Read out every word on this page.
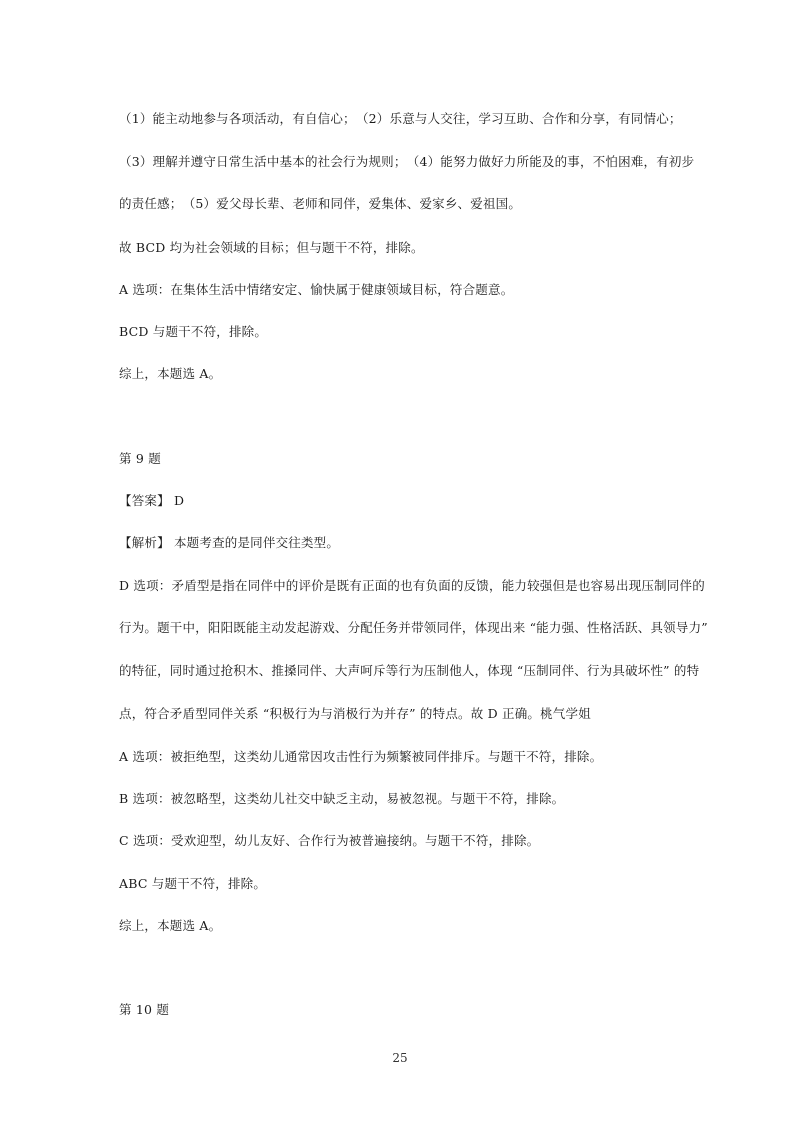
（1）能主动地参与各项活动，有自信心；　（2）乐意与人交往，学习互助、合作和分享，有同情心；
（3）理解并遵守日常生活中基本的社会行为规则；　（4）能努力做好力所能及的事，不怕困难，有初步
的责任感；　（5）爱父母长辈、老师和同伴，爱集体、爱家乡、爱祖国。
故 BCD 均为社会领域的目标；但与题干不符，排除。
A 选项：在集体生活中情绪安定、愉快属于健康领域目标，符合题意。
BCD 与题干不符，排除。
综上，本题选 A。
第 9 题
【答案】 D
【解析】 本题考查的是同伴交往类型。
D 选项：矛盾型是指在同伴中的评价是既有正面的也有负面的反馈，能力较强但是也容易出现压制同伴的
行为。题干中，阳阳既能主动发起游戏、分配任务并带领同伴，体现出来 “能力强、性格活跃、具领导力”
的特征，同时通过抢积木、推搡同伴、大声呵斥等行为压制他人，体现 “压制同伴、行为具破坏性” 的特
点，符合矛盾型同伴关系 “积极行为与消极行为并存” 的特点。故 D 正确。桃气学姐
A 选项：被拒绝型，这类幼儿通常因攻击性行为频繁被同伴排斥。与题干不符，排除。
B 选项：被忽略型，这类幼儿社交中缺乏主动，易被忽视。与题干不符，排除。
C 选项：受欢迎型，幼儿友好、合作行为被普遍接纳。与题干不符，排除。
ABC 与题干不符，排除。
综上，本题选 A。
第 10 题
25
